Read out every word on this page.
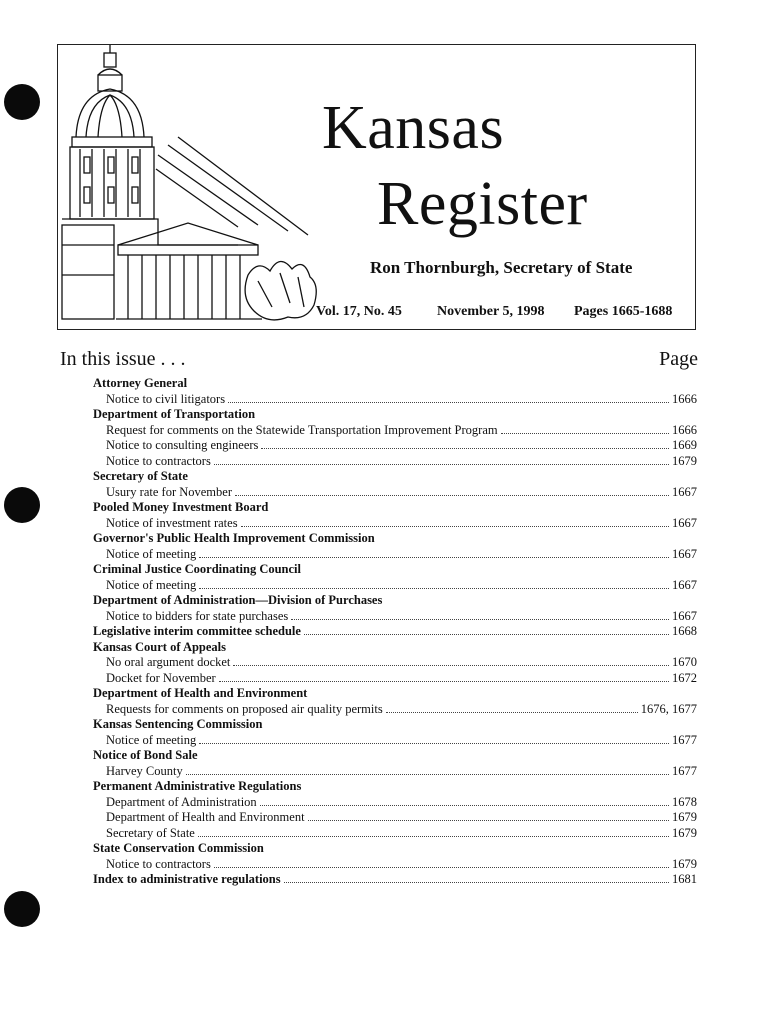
Kansas
Register
Ron Thornburgh, Secretary of State
Vol. 17, No. 45	November 5, 1998 Pages 1665-1688
In this issue . . .	Page
Attorney General
Notice to civil litigators	1666
Department of Transportation
Request for comments on the Statewide Transportation Improvement Program	1666
Notice to consulting engineers	1669
Notice to contractors	1679
Secretary of State
Usury rate for November	1667
Pooled Money Investment Board
Notice of investment rates	1667
Governor's Public Health Improvement Commission
Notice of meeting	1667
Criminal Justice Coordinating Council
Notice of meeting	1667
Department of Administration—Division of Purchases
Notice to bidders for state purchases	1667
Legislative interim committee schedule	1668
Kansas Court of Appeals
No oral argument docket	1670
Docket for November	1672
Department of Health and Environment
Requests for comments on proposed air quality permits	1676, 1677
Kansas Sentencing Commission
Notice of meeting	1677
Notice of Bond Sale
Harvey County	1677
Permanent Administrative Regulations
Department of Administration	1678
Department of Health and Environment	1679
Secretary of State	1679
State Conservation Commission
Notice to contractors	1679
Index to administrative regulations	1681
